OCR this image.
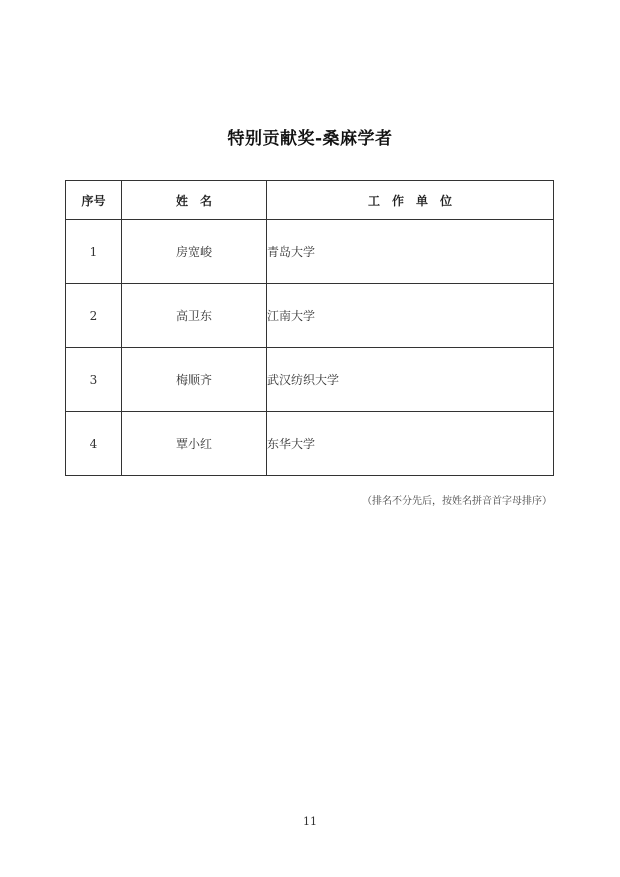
特别贡献奖-桑麻学者
序号	姓　名	工　作　单　位
1	房宽峻	青岛大学
2	高卫东	江南大学
3	梅顺齐	武汉纺织大学
4	覃小红	东华大学
（排名不分先后，按姓名拼音首字母排序）
11
